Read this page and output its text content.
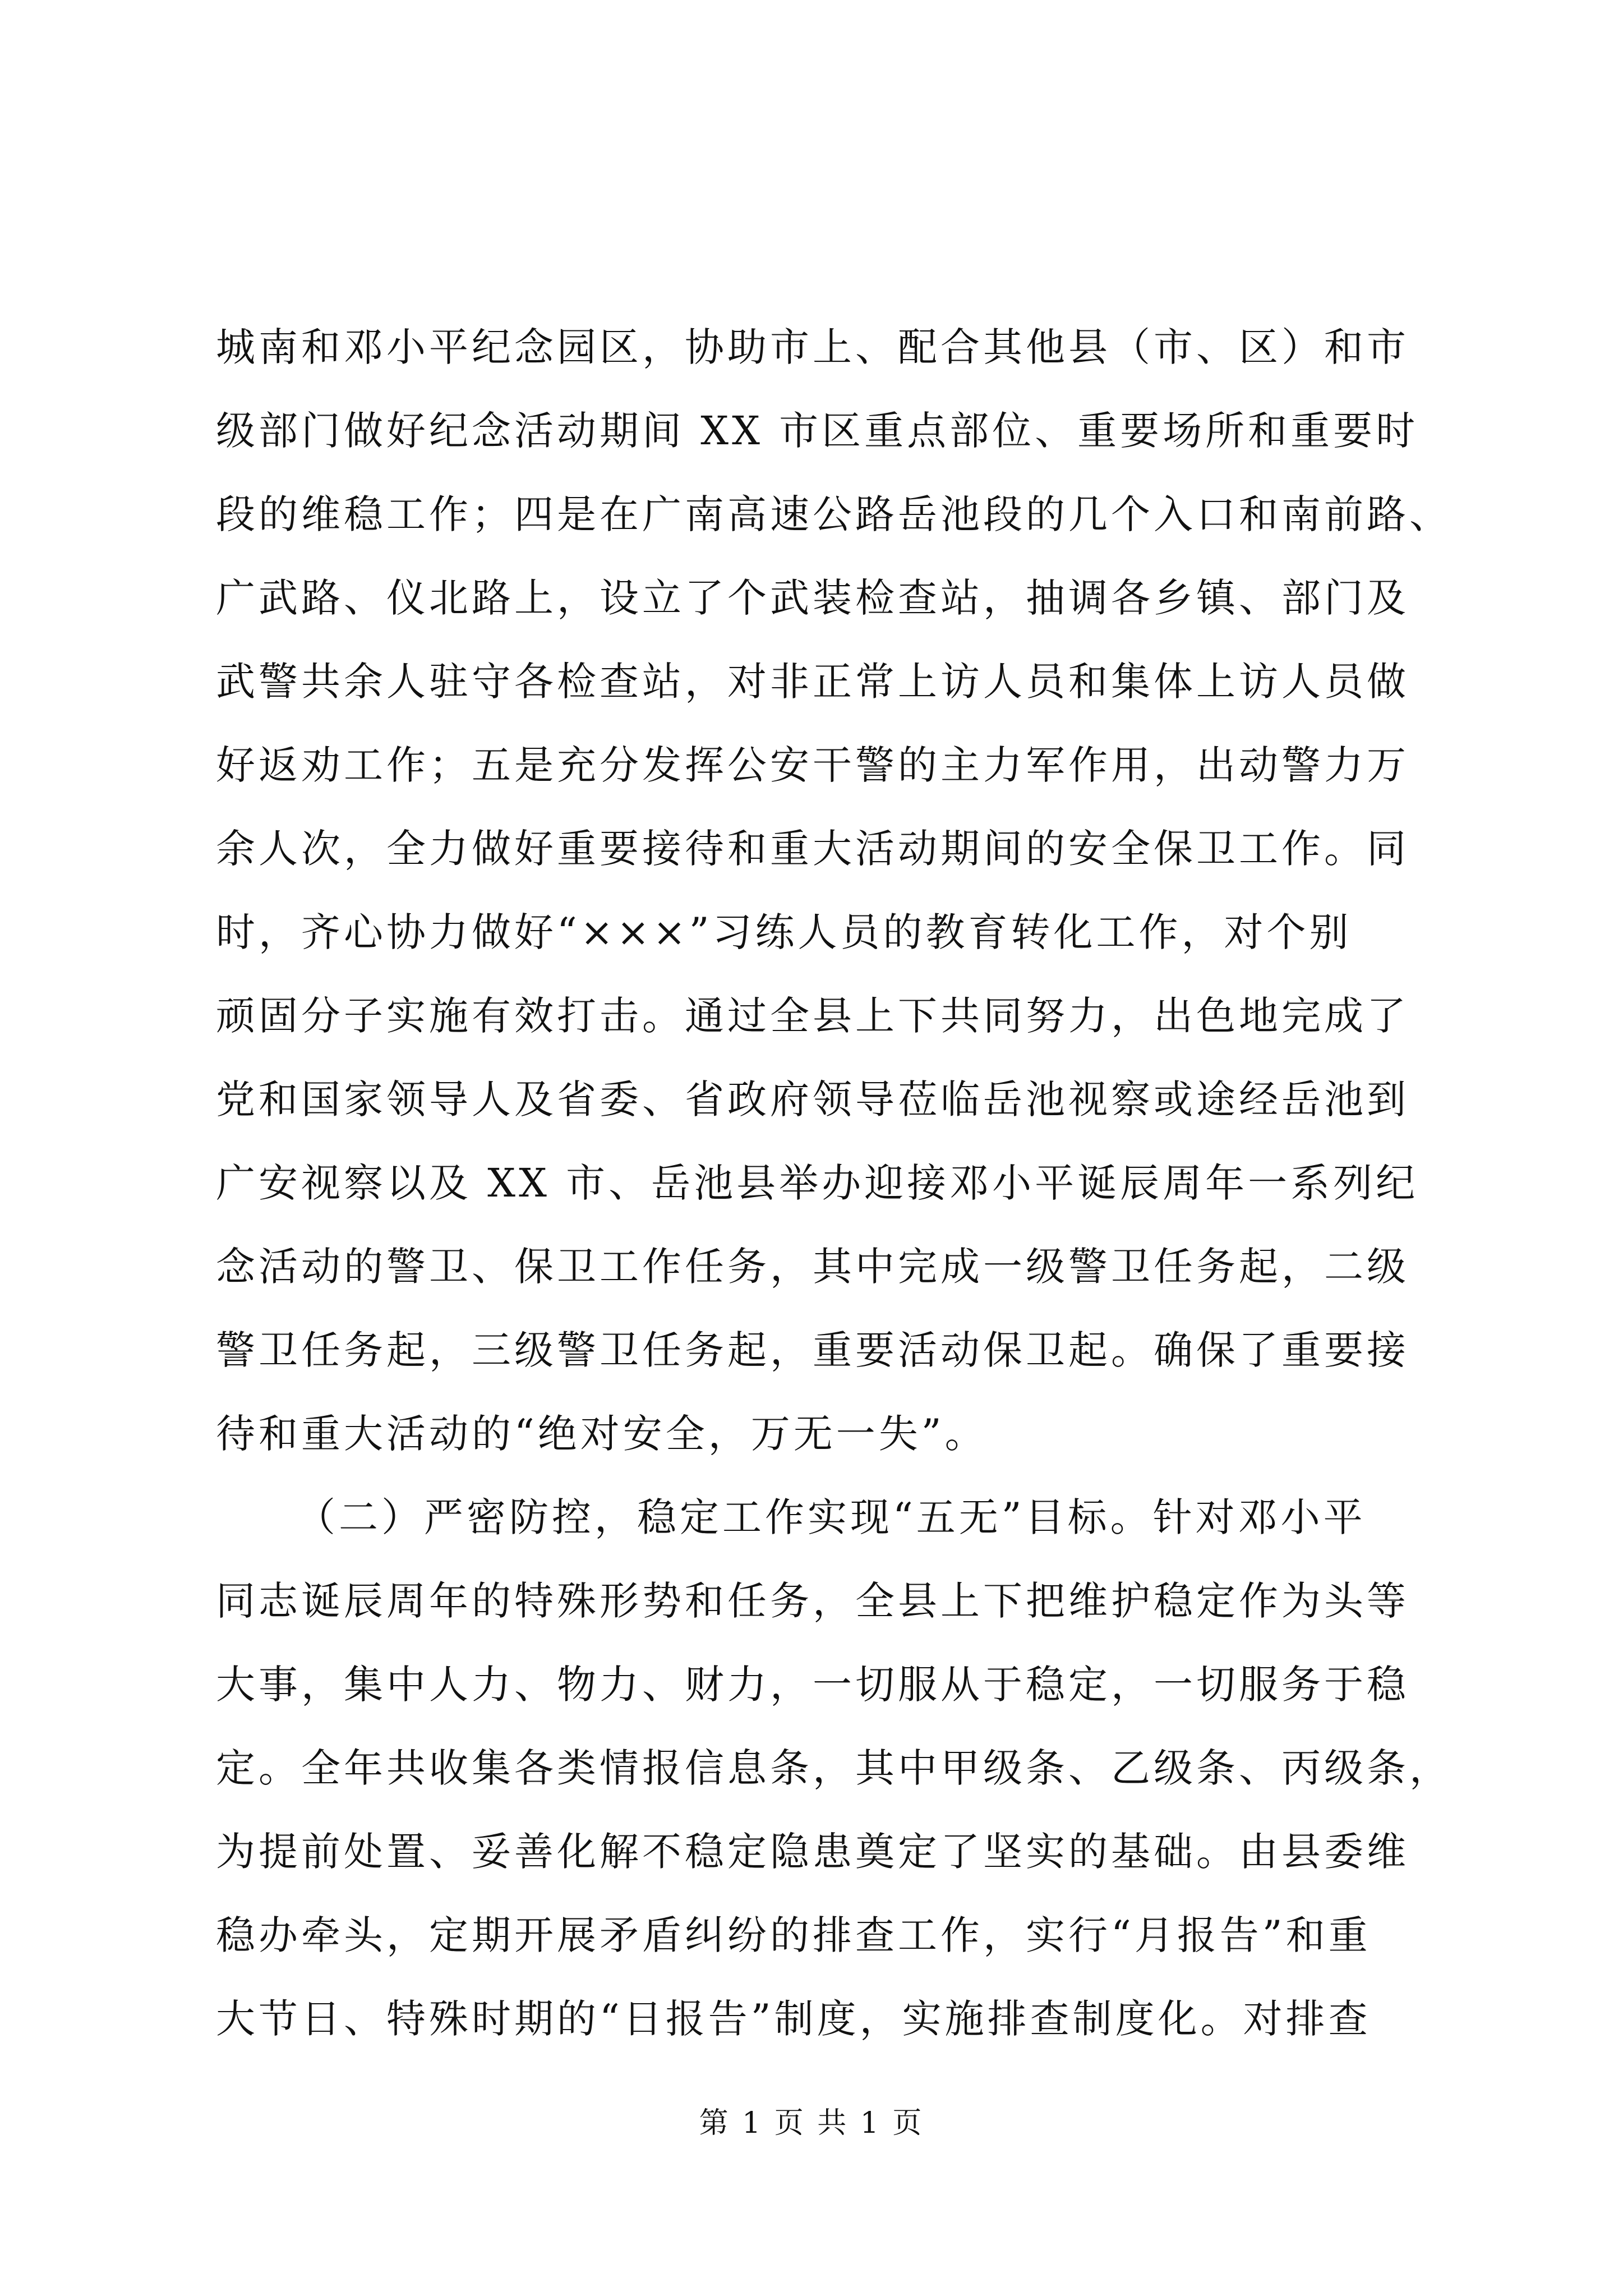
城南和邓小平纪念园区，协助市上、配合其他县（市、区）和市
级部门做好纪念活动期间 XX 市区重点部位、重要场所和重要时
段的维稳工作；四是在广南高速公路岳池段的几个入口和南前路、
广武路、仪北路上，设立了个武装检查站，抽调各乡镇、部门及
武警共余人驻守各检查站，对非正常上访人员和集体上访人员做
好返劝工作；五是充分发挥公安干警的主力军作用，出动警力万
余人次，全力做好重要接待和重大活动期间的安全保卫工作。同
时，齐心协力做好“×××”习练人员的教育转化工作，对个别
顽固分子实施有效打击。通过全县上下共同努力，出色地完成了
党和国家领导人及省委、省政府领导莅临岳池视察或途经岳池到
广安视察以及 XX 市、岳池县举办迎接邓小平诞辰周年一系列纪
念活动的警卫、保卫工作任务，其中完成一级警卫任务起，二级
警卫任务起，三级警卫任务起，重要活动保卫起。确保了重要接
待和重大活动的“绝对安全，万无一失”。
（二）严密防控，稳定工作实现“五无”目标。针对邓小平
同志诞辰周年的特殊形势和任务，全县上下把维护稳定作为头等
大事，集中人力、物力、财力，一切服从于稳定，一切服务于稳
定。全年共收集各类情报信息条，其中甲级条、乙级条、丙级条，
为提前处置、妥善化解不稳定隐患奠定了坚实的基础。由县委维
稳办牵头，定期开展矛盾纠纷的排查工作，实行“月报告”和重
大节日、特殊时期的“日报告”制度，实施排查制度化。对排查
第 1 页 共 1 页
